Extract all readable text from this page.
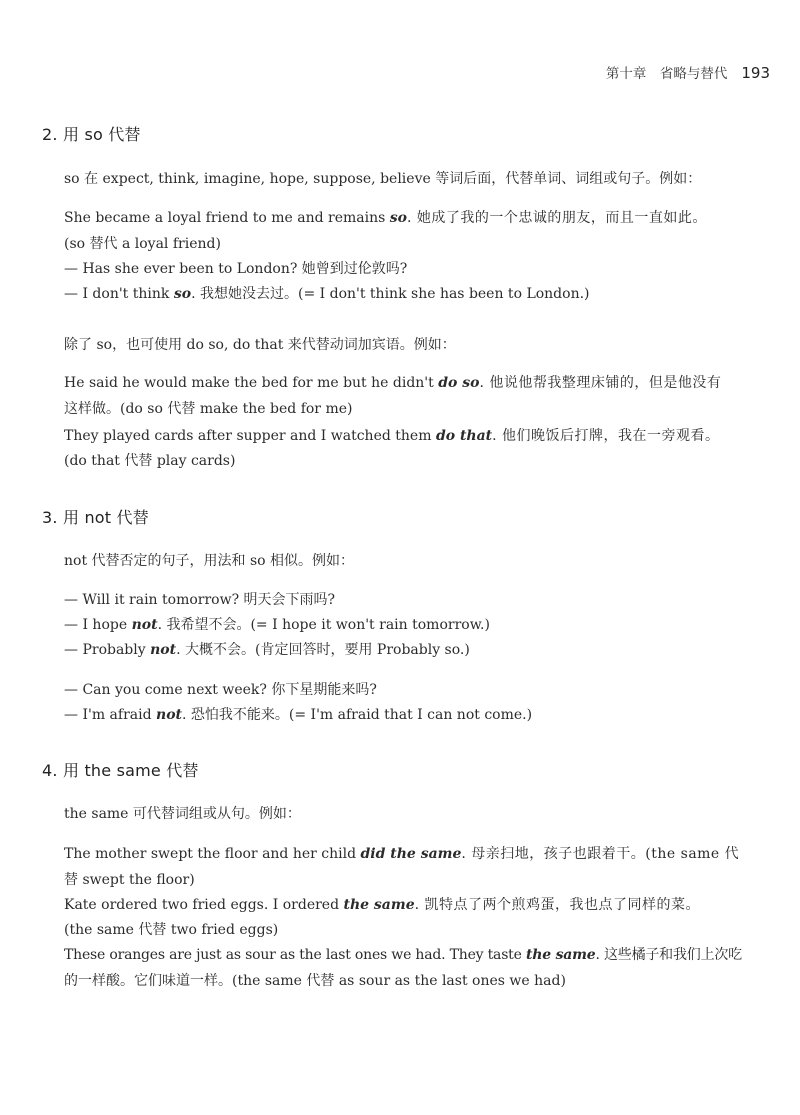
第十章　省略与替代 193
2. 用 so 代替
so 在 expect, think, imagine, hope, suppose, believe 等词后面，代替单词、词组或句子。例如：
She became a loyal friend to me and remains so. 她成了我的一个忠诚的朋友，而且一直如此。
(so 替代 a loyal friend)
— Has she ever been to London? 她曾到过伦敦吗?
— I don't think so. 我想她没去过。(= I don't think she has been to London.)
除了 so，也可使用 do so, do that 来代替动词加宾语。例如：
He said he would make the bed for me but he didn't do so. 他说他帮我整理床铺的，但是他没有
这样做。(do so 代替 make the bed for me)
They played cards after supper and I watched them do that. 他们晚饭后打牌，我在一旁观看。
(do that 代替 play cards)
3. 用 not 代替
not 代替否定的句子，用法和 so 相似。例如：
— Will it rain tomorrow? 明天会下雨吗?
— I hope not. 我希望不会。(= I hope it won't rain tomorrow.)
— Probably not. 大概不会。(肯定回答时，要用 Probably so.)
— Can you come next week? 你下星期能来吗?
— I'm afraid not. 恐怕我不能来。(= I'm afraid that I can not come.)
4. 用 the same 代替
the same 可代替词组或从句。例如：
The mother swept the floor and her child did the same. 母亲扫地，孩子也跟着干。(the same 代
替 swept the floor)
Kate ordered two fried eggs. I ordered the same. 凯特点了两个煎鸡蛋，我也点了同样的菜。
(the same 代替 two fried eggs)
These oranges are just as sour as the last ones we had. They taste the same. 这些橘子和我们上次吃
的一样酸。它们味道一样。(the same 代替 as sour as the last ones we had)
